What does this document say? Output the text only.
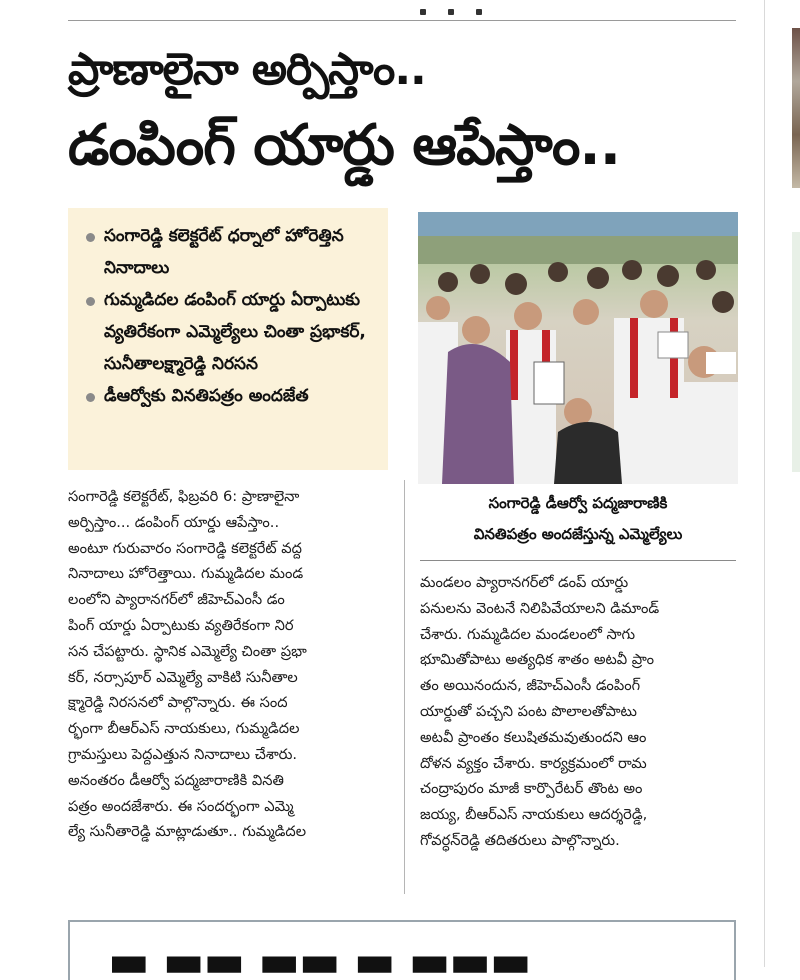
ప్రాణాలైనా అర్పిస్తాం..
డంపింగ్ యార్డు ఆపేస్తాం..
సంగారెడ్డి కలెక్టరేట్ ధర్నాలో హోరెత్తిన నినాదాలు
గుమ్మడిదల డంపింగ్ యార్డు ఏర్పాటుకు వ్యతిరేకంగా ఎమ్మెల్యేలు చింతా ప్రభాకర్, సునీతాలక్ష్మారెడ్డి నిరసన
డీఆర్వోకు వినతిపత్రం అందజేత
సంగారెడ్డి డీఆర్వో పద్మజారాణికి
వినతిపత్రం అందజేస్తున్న ఎమ్మెల్యేలు
సంగారెడ్డి కలెక్టరేట్, ఫిబ్రవరి 6: ప్రాణాలైనా
అర్పిస్తాం... డంపింగ్ యార్డు ఆపేస్తాం..
అంటూ గురువారం సంగారెడ్డి కలెక్టరేట్ వద్ద
నినాదాలు హోరెత్తాయి. గుమ్మడిదల మండ
లంలోని ప్యారానగర్‌లో జీహెచ్‌ఎంసీ డం
పింగ్ యార్డు ఏర్పాటుకు వ్యతిరేకంగా నిర
సన చేపట్టారు. స్థానిక ఎమ్మెల్యే చింతా ప్రభా
కర్, నర్సాపూర్ ఎమ్మెల్యే వాకిటి సునీతాల
క్ష్మారెడ్డి నిరసనలో పాల్గొన్నారు. ఈ సంద
ర్భంగా బీఆర్‌ఎస్ నాయకులు, గుమ్మడిదల
గ్రామస్తులు పెద్దఎత్తున నినాదాలు చేశారు.
అనంతరం డీఆర్వో పద్మజారాణికి వినతి
పత్రం అందజేశారు. ఈ సందర్భంగా ఎమ్మె
ల్యే సునీతారెడ్డి మాట్లాడుతూ.. గుమ్మడిదల
మండలం ప్యారానగర్‌లో డంప్ యార్డు
పనులను వెంటనే నిలిపివేయాలని డిమాండ్
చేశారు. గుమ్మడిదల మండలంలో సాగు
భూమితోపాటు అత్యధిక శాతం అటవీ ప్రాం
తం అయినందున, జీహెచ్‌ఎంసీ డంపింగ్
యార్డుతో పచ్చని పంట పొలాలతోపాటు
అటవీ ప్రాంతం కలుషితమవుతుందని ఆం
దోళన వ్యక్తం చేశారు. కార్యక్రమంలో రామ
చంద్రాపురం మాజీ కార్పొరేటర్ తొంట అం
జయ్య, బీఆర్‌ఎస్ నాయకులు ఆదర్శరెడ్డి,
గోవర్ధన్‌రెడ్డి తదితరులు పాల్గొన్నారు.
▬ ▬▬ ▬▬ ▬ ▬▬▬
